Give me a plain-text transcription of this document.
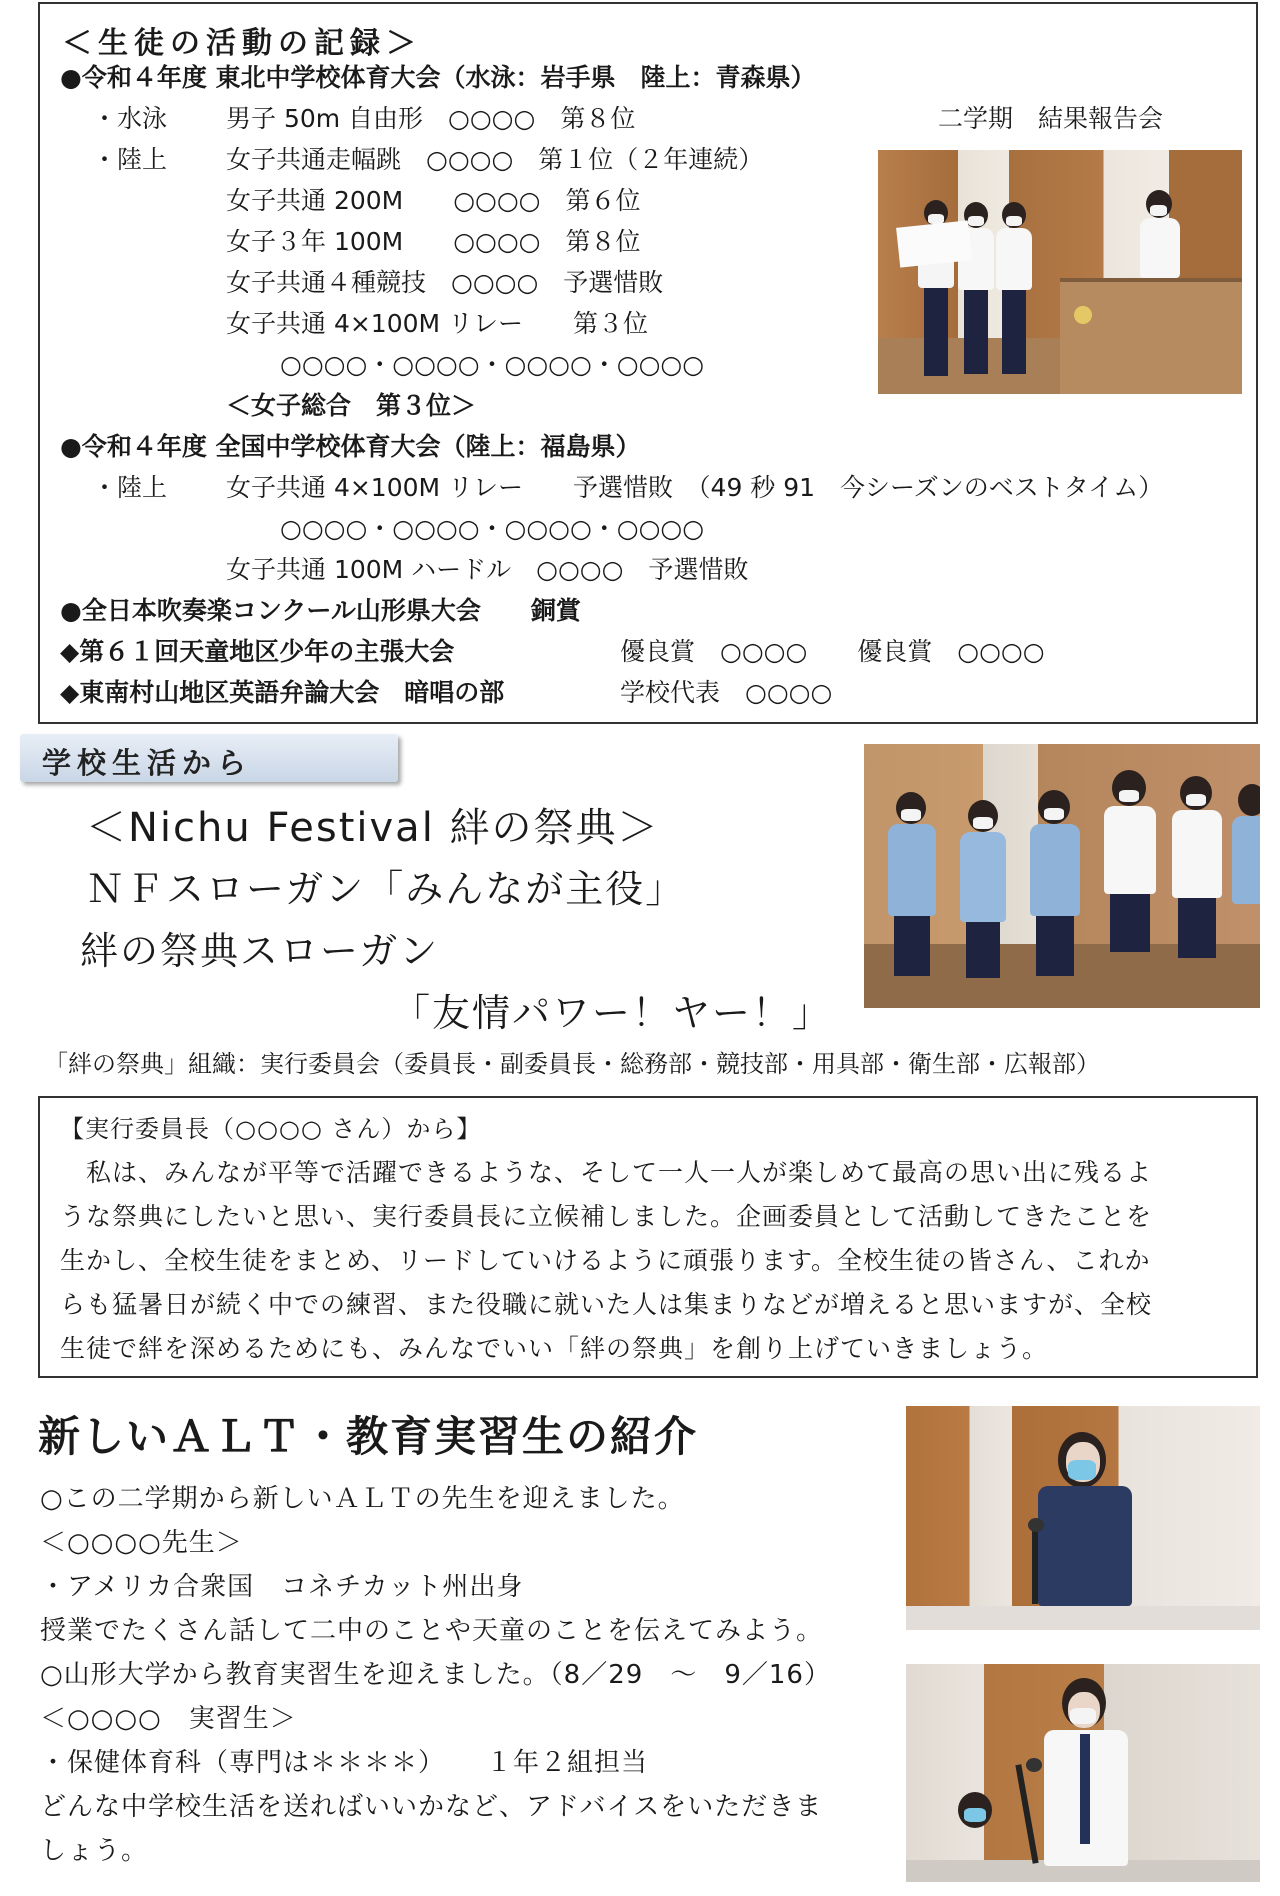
＜生徒の活動の記録＞
●令和４年度 東北中学校体育大会（水泳：岩手県　陸上：青森県）
・水泳 男子 50m 自由形　○○○○　第８位
・陸上 女子共通走幅跳　○○○○　第１位（２年連続）
女子共通 200M　　○○○○　第６位
女子３年 100M　　○○○○　第８位
女子共通４種競技　○○○○　予選惜敗
女子共通 4×100M リレー　　第３位
○○○○・○○○○・○○○○・○○○○
＜女子総合　第３位＞
●令和４年度 全国中学校体育大会（陸上：福島県）
・陸上 女子共通 4×100M リレー　　予選惜敗　（49 秒 91　今シーズンのベストタイム）
○○○○・○○○○・○○○○・○○○○
女子共通 100M ハードル　○○○○　予選惜敗
●全日本吹奏楽コンクール山形県大会　　銅賞
◆第６１回天童地区少年の主張大会	優良賞　○○○○　　優良賞　○○○○
◆東南村山地区英語弁論大会　暗唱の部	学校代表　○○○○
二学期　結果報告会
学校生活から
＜Nichu Festival 絆の祭典＞
ＮＦスローガン「みんなが主役」
絆の祭典スローガン
「友情パワー！ヤー！」
「絆の祭典」組織：実行委員会（委員長・副委員長・総務部・競技部・用具部・衛生部・広報部）
【実行委員長（○○○○ さん）から】
　私は、みんなが平等で活躍できるような、そして一人一人が楽しめて最高の思い出に残るよ
うな祭典にしたいと思い、実行委員長に立候補しました。企画委員として活動してきたことを
生かし、全校生徒をまとめ、リードしていけるように頑張ります。全校生徒の皆さん、これか
らも猛暑日が続く中での練習、また役職に就いた人は集まりなどが増えると思いますが、全校
生徒で絆を深めるためにも、みんなでいい「絆の祭典」を創り上げていきましょう。
新しいＡＬＴ・教育実習生の紹介
○この二学期から新しいＡＬＴの先生を迎えました。
＜○○○○先生＞
・アメリカ合衆国　コネチカット州出身
授業でたくさん話して二中のことや天童のことを伝えてみよう。
○山形大学から教育実習生を迎えました。（8／29　～　9／16）
＜○○○○　実習生＞
・保健体育科（専門は＊＊＊＊）　　１年２組担当
どんな中学校生活を送ればいいかなど、アドバイスをいただきま
しょう。
